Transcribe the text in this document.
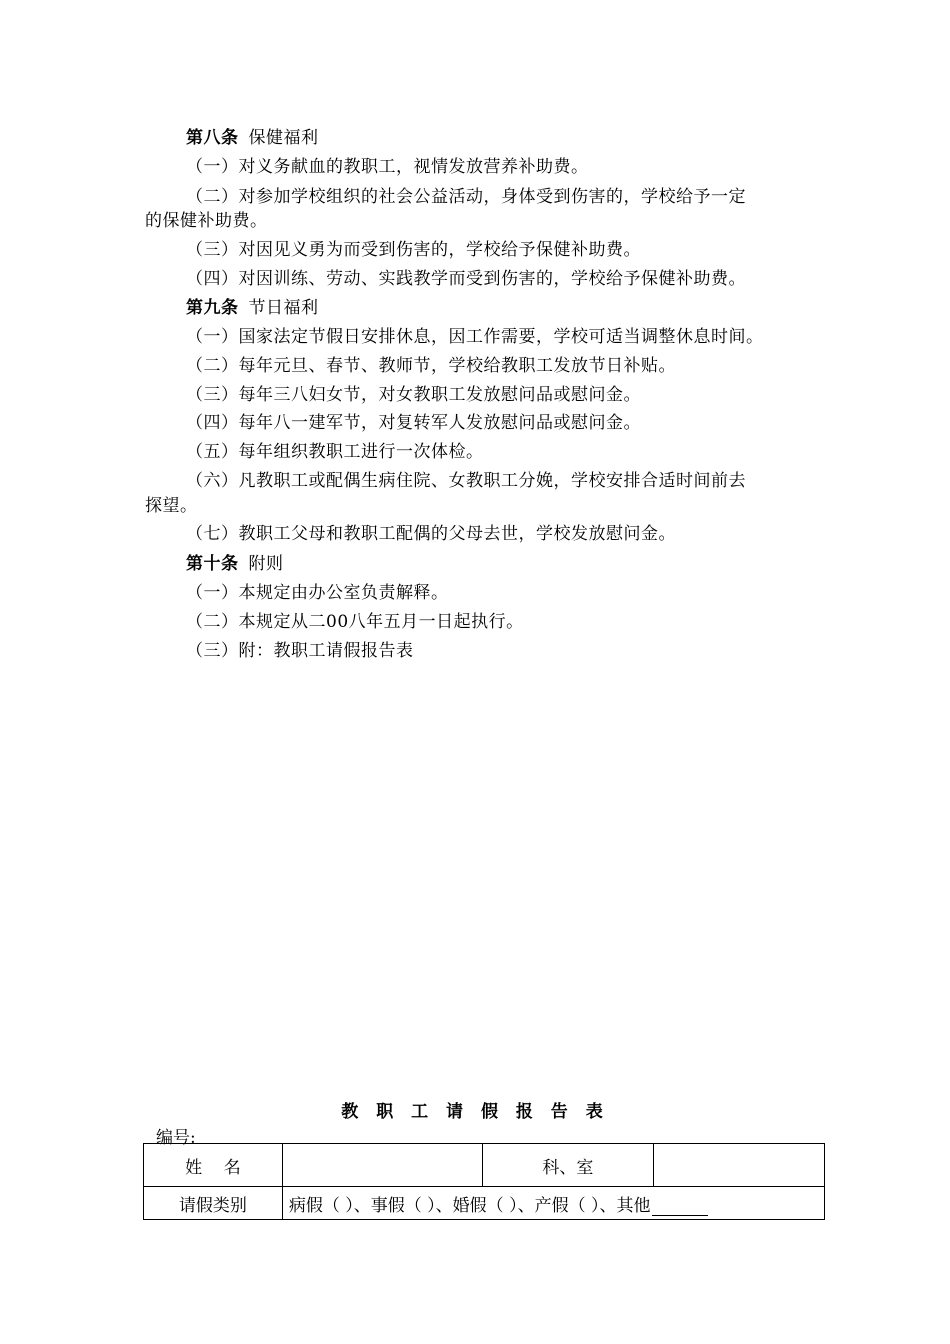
第八条 保健福利
（一）对义务献血的教职工，视情发放营养补助费。
（二）对参加学校组织的社会公益活动，身体受到伤害的，学校给予一定
的保健补助费。
（三）对因见义勇为而受到伤害的，学校给予保健补助费。
（四）对因训练、劳动、实践教学而受到伤害的，学校给予保健补助费。
第九条 节日福利
（一）国家法定节假日安排休息，因工作需要，学校可适当调整休息时间。
（二）每年元旦、春节、教师节，学校给教职工发放节日补贴。
（三）每年三八妇女节，对女教职工发放慰问品或慰问金。
（四）每年八一建军节，对复转军人发放慰问品或慰问金。
（五）每年组织教职工进行一次体检。
（六）凡教职工或配偶生病住院、女教职工分娩，学校安排合适时间前去
探望。
（七）教职工父母和教职工配偶的父母去世，学校发放慰问金。
第十条 附则
（一）本规定由办公室负责解释。
（二）本规定从二00八年五月一日起执行。
（三）附：教职工请假报告表
教 职 工 请 假 报 告 表
编号:
姓    名		科、室	
请假类别	病假（ ）、事假（ ）、婚假（ ）、产假（ ）、其他		
